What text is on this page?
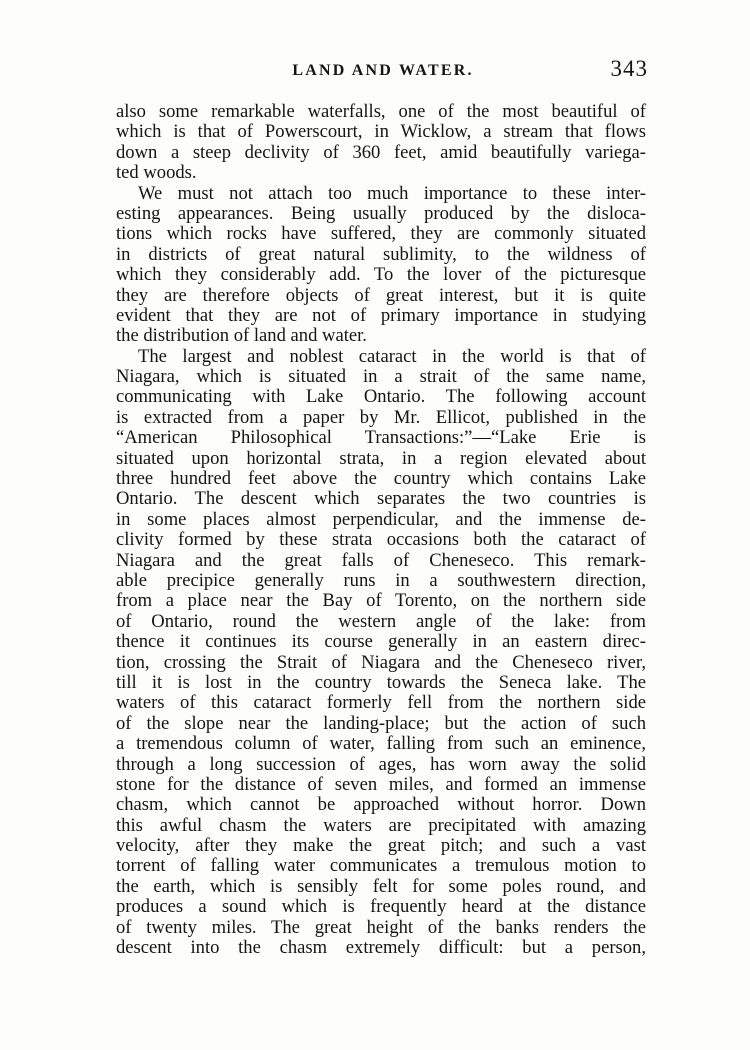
LAND AND WATER.	343
also some remarkable waterfalls, one of the most beautiful of
which is that of Powerscourt, in Wicklow, a stream that flows
down a steep declivity of 360 feet, amid beautifully variega-
ted woods.
We must not attach too much importance to these inter-
esting appearances. Being usually produced by the disloca-
tions which rocks have suffered, they are commonly situated
in districts of great natural sublimity, to the wildness of
which they considerably add. To the lover of the picturesque
they are therefore objects of great interest, but it is quite
evident that they are not of primary importance in studying
the distribution of land and water.
The largest and noblest cataract in the world is that of
Niagara, which is situated in a strait of the same name,
communicating with Lake Ontario. The following account
is extracted from a paper by Mr. Ellicot, published in the
“American Philosophical Transactions:”—“Lake Erie is
situated upon horizontal strata, in a region elevated about
three hundred feet above the country which contains Lake
Ontario. The descent which separates the two countries is
in some places almost perpendicular, and the immense de-
clivity formed by these strata occasions both the cataract of
Niagara and the great falls of Cheneseco. This remark-
able precipice generally runs in a southwestern direction,
from a place near the Bay of Torento, on the northern side
of Ontario, round the western angle of the lake: from
thence it continues its course generally in an eastern direc-
tion, crossing the Strait of Niagara and the Cheneseco river,
till it is lost in the country towards the Seneca lake. The
waters of this cataract formerly fell from the northern side
of the slope near the landing-place; but the action of such
a tremendous column of water, falling from such an eminence,
through a long succession of ages, has worn away the solid
stone for the distance of seven miles, and formed an immense
chasm, which cannot be approached without horror. Down
this awful chasm the waters are precipitated with amazing
velocity, after they make the great pitch; and such a vast
torrent of falling water communicates a tremulous motion to
the earth, which is sensibly felt for some poles round, and
produces a sound which is frequently heard at the distance
of twenty miles. The great height of the banks renders the
descent into the chasm extremely difficult: but a person,
